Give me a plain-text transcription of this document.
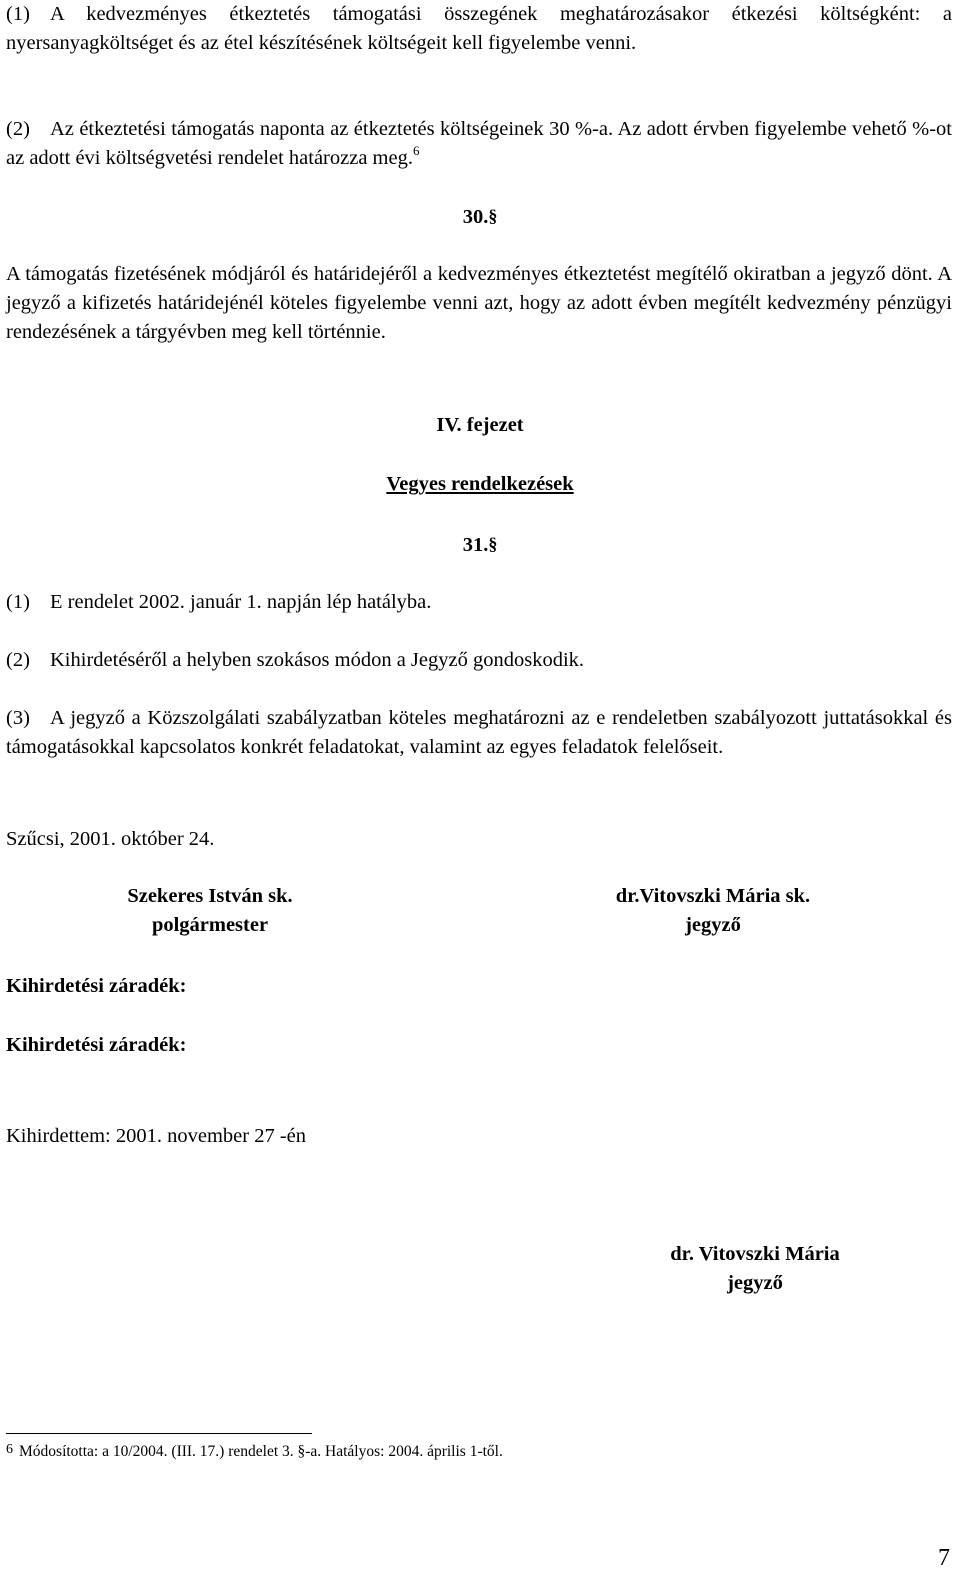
(1) A kedvezményes étkeztetés támogatási összegének meghatározásakor étkezési költségként: a nyersanyagköltséget és az étel készítésének költségeit kell figyelembe venni.
(2) Az étkeztetési támogatás naponta az étkeztetés költségeinek 30 %-a. Az adott érvben figyelembe vehető %-ot az adott évi költségvetési rendelet határozza meg.$^6$
30.§
A támogatás fizetésének módjáról és határidejéről a kedvezményes étkeztetést megítélő okiratban a jegyző dönt. A jegyző a kifizetés határidejénél köteles figyelembe venni azt, hogy az adott évben megítélt kedvezmény pénzügyi rendezésének a tárgyévben meg kell történnie.
IV. fejezet
Vegyes rendelkezések
31.§
(1) E rendelet 2002. január 1. napján lép hatályba.
(2) Kihirdetéséről a helyben szokásos módon a Jegyző gondoskodik.
(3) A jegyző a Közszolgálati szabályzatban köteles meghatározni az e rendeletben szabályozott juttatásokkal és támogatásokkal kapcsolatos konkrét feladatokat, valamint az egyes feladatok felelőseit.
Szűcsi, 2001. október 24.
Szekeres István sk.
polgármester
dr.Vitovszki Mária sk.
jegyző
Kihirdetési záradék:
Kihirdetési záradék:
Kihirdettem: 2001. november 27 -én
dr. Vitovszki Mária
jegyző
$^6$ Módosította: a 10/2004. (III. 17.) rendelet 3. §-a. Hatályos: 2004. április 1-től.
7
